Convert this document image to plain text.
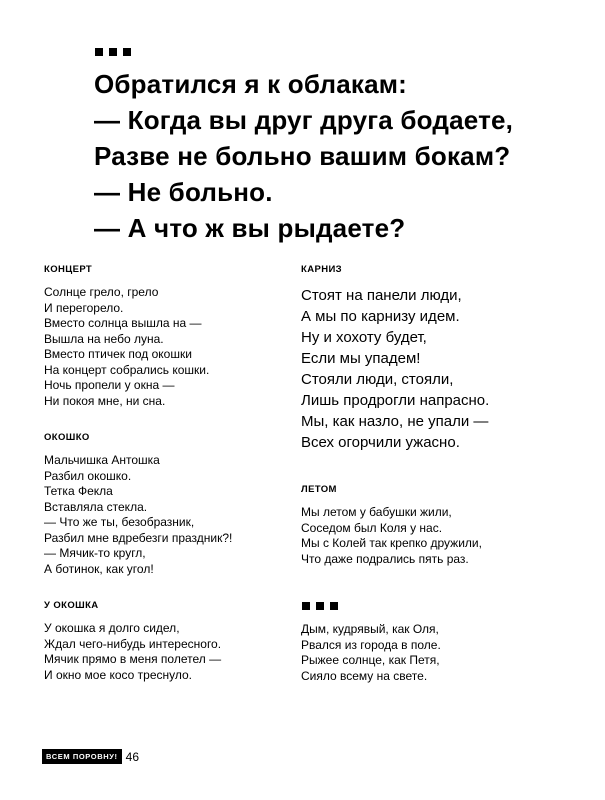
Обратился я к облакам:
— Когда вы друг друга бодаете,
Разве не больно вашим бокам?
— Не больно.
— А что ж вы рыдаете?
КОНЦЕРТ
Солнце грело, грело
И перегорело.
Вместо солнца вышла на —
Вышла на небо луна.
Вместо птичек под окошки
На концерт собрались кошки.
Ночь пропели у окна —
Ни покоя мне, ни сна.
ОКОШКО
Мальчишка Антошка
Разбил окошко.
Тетка Фекла
Вставляла стекла.
— Что же ты, безобразник,
Разбил мне вдребезги праздник?!
— Мячик-то кругл,
А ботинок, как угол!
У ОКОШКА
У окошка я долго сидел,
Ждал чего-нибудь интересного.
Мячик прямо в меня полетел —
И окно мое косо треснуло.
КАРНИЗ
Стоят на панели люди,
А мы по карнизу идем.
Ну и хохоту будет,
Если мы упадем!
Стояли люди, стояли,
Лишь продрогли напрасно.
Мы, как назло, не упали —
Всех огорчили ужасно.
ЛЕТОМ
Мы летом у бабушки жили,
Соседом был Коля у нас.
Мы с Колей так крепко дружили,
Что даже подрались пять раз.
Дым, кудрявый, как Оля,
Рвался из города в поле.
Рыжее солнце, как Петя,
Сияло всему на свете.
ВСЕМ ПОРОВНУ! 46
